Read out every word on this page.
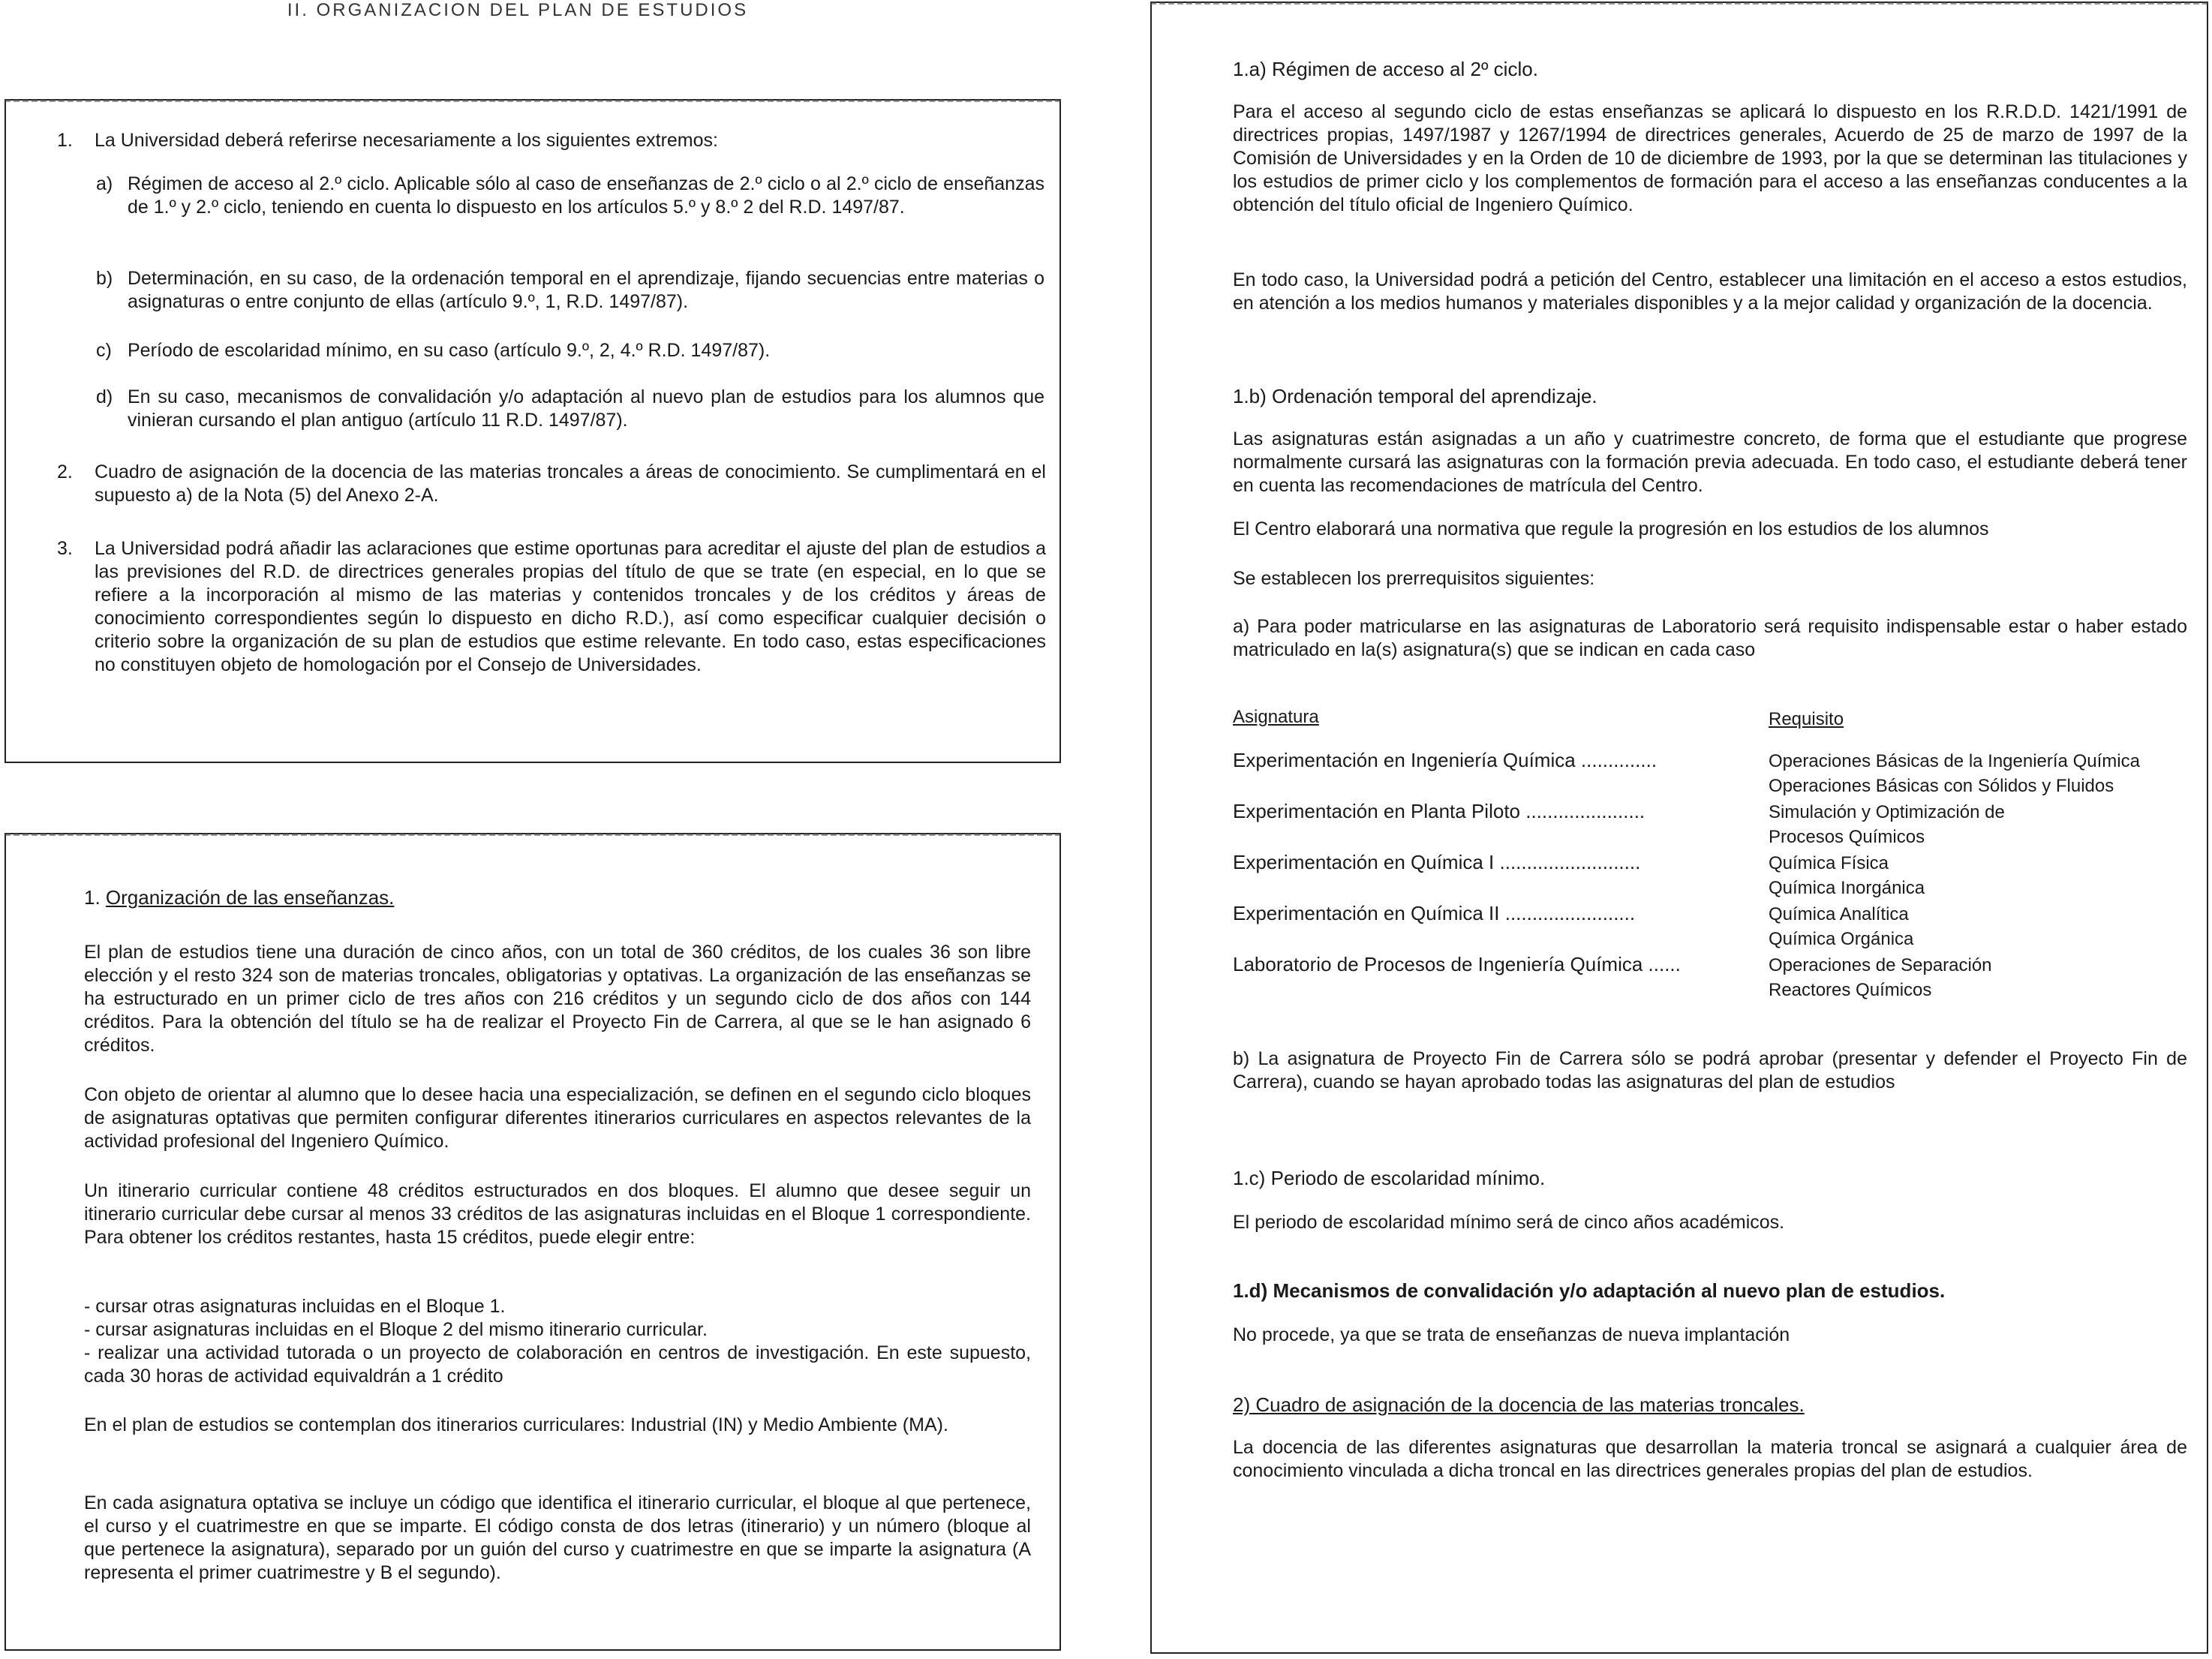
II. ORGANIZACION DEL PLAN DE ESTUDIOS
1. La Universidad deberá referirse necesariamente a los siguientes extremos:

a) Régimen de acceso al 2.º ciclo. Aplicable sólo al caso de enseñanzas de 2.º ciclo o al 2.º ciclo de enseñanzas de 1.º y 2.º ciclo, teniendo en cuenta lo dispuesto en los artículos 5.º y 8.º 2 del R.D. 1497/87.

b) Determinación, en su caso, de la ordenación temporal en el aprendizaje, fijando secuencias entre materias o asignaturas o entre conjunto de ellas (artículo 9.º, 1, R.D. 1497/87).

c) Período de escolaridad mínimo, en su caso (artículo 9.º, 2, 4.º R.D. 1497/87).

d) En su caso, mecanismos de convalidación y/o adaptación al nuevo plan de estudios para los alumnos que vinieran cursando el plan antiguo (artículo 11 R.D. 1497/87).

2. Cuadro de asignación de la docencia de las materias troncales a áreas de conocimiento. Se cumplimentará en el supuesto a) de la Nota (5) del Anexo 2-A.

3. La Universidad podrá añadir las aclaraciones que estime oportunas para acreditar el ajuste del plan de estudios a las previsiones del R.D. de directrices generales propias del título de que se trate (en especial, en lo que se refiere a la incorporación al mismo de las materias y contenidos troncales y de los créditos y áreas de conocimiento correspondientes según lo dispuesto en dicho R.D.), así como especificar cualquier decisión o criterio sobre la organización de su plan de estudios que estime relevante. En todo caso, estas especificaciones no constituyen objeto de homologación por el Consejo de Universidades.

1. Organización de las enseñanzas.

El plan de estudios tiene una duración de cinco años, con un total de 360 créditos, de los cuales 36 son libre elección y el resto 324 son de materias troncales, obligatorias y optativas. La organización de las enseñanzas se ha estructurado en un primer ciclo de tres años con 216 créditos y un segundo ciclo de dos años con 144 créditos. Para la obtención del título se ha de realizar el Proyecto Fin de Carrera, al que se le han asignado 6 créditos.

Con objeto de orientar al alumno que lo desee hacia una especialización, se definen en el segundo ciclo bloques de asignaturas optativas que permiten configurar diferentes itinerarios curriculares en aspectos relevantes de la actividad profesional del Ingeniero Químico.

Un itinerario curricular contiene 48 créditos estructurados en dos bloques. El alumno que desee seguir un itinerario curricular debe cursar al menos 33 créditos de las asignaturas incluidas en el Bloque 1 correspondiente. Para obtener los créditos restantes, hasta 15 créditos, puede elegir entre:

- cursar otras asignaturas incluidas en el Bloque 1.

- cursar asignaturas incluidas en el Bloque 2 del mismo itinerario curricular.

- realizar una actividad tutorada o un proyecto de colaboración en centros de investigación. En este supuesto, cada 30 horas de actividad equivaldrán a 1 crédito

En el plan de estudios se contemplan dos itinerarios curriculares: Industrial (IN) y Medio Ambiente (MA).

En cada asignatura optativa se incluye un código que identifica el itinerario curricular, el bloque al que pertenece, el curso y el cuatrimestre en que se imparte. El código consta de dos letras (itinerario) y un número (bloque al que pertenece la asignatura), separado por un guión del curso y cuatrimestre en que se imparte la asignatura (A representa el primer cuatrimestre y B el segundo).

1.a) Régimen de acceso al 2º ciclo.

Para el acceso al segundo ciclo de estas enseñanzas se aplicará lo dispuesto en los R.R.D.D. 1421/1991 de directrices propias, 1497/1987 y 1267/1994 de directrices generales, Acuerdo de 25 de marzo de 1997 de la Comisión de Universidades y en la Orden de 10 de diciembre de 1993, por la que se determinan las titulaciones y los estudios de primer ciclo y los complementos de formación para el acceso a las enseñanzas conducentes a la obtención del título oficial de Ingeniero Químico.

En todo caso, la Universidad podrá a petición del Centro, establecer una limitación en el acceso a estos estudios, en atención a los medios humanos y materiales disponibles y a la mejor calidad y organización de la docencia.

1.b) Ordenación temporal del aprendizaje.

Las asignaturas están asignadas a un año y cuatrimestre concreto, de forma que el estudiante que progrese normalmente cursará las asignaturas con la formación previa adecuada. En todo caso, el estudiante deberá tener en cuenta las recomendaciones de matrícula del Centro.

El Centro elaborará una normativa que regule la progresión en los estudios de los alumnos

Se establecen los prerrequisitos siguientes:

a) Para poder matricularse en las asignaturas de Laboratorio será requisito indispensable estar o haber estado matriculado en la(s) asignatura(s) que se indican en cada caso

Asignatura	Requisito
Experimentación en Ingeniería Química ..............	Operaciones Básicas de la Ingeniería Química
Operaciones Básicas con Sólidos y Fluidos
Experimentación en Planta Piloto ......................	Simulación y Optimización de
Procesos Químicos
Experimentación en Química I ..........................	Química Física
Química Inorgánica
Experimentación en Química II ........................	Química Analítica
Química Orgánica
Laboratorio de Procesos de Ingeniería Química ......	Operaciones de Separación
Reactores Químicos

b) La asignatura de Proyecto Fin de Carrera sólo se podrá aprobar (presentar y defender el Proyecto Fin de Carrera), cuando se hayan aprobado todas las asignaturas del plan de estudios

1.c) Periodo de escolaridad mínimo.

El periodo de escolaridad mínimo será de cinco años académicos.

1.d) Mecanismos de convalidación y/o adaptación al nuevo plan de estudios.

No procede, ya que se trata de enseñanzas de nueva implantación

2) Cuadro de asignación de la docencia de las materias troncales.

La docencia de las diferentes asignaturas que desarrollan la materia troncal se asignará a cualquier área de conocimiento vinculada a dicha troncal en las directrices generales propias del plan de estudios.
